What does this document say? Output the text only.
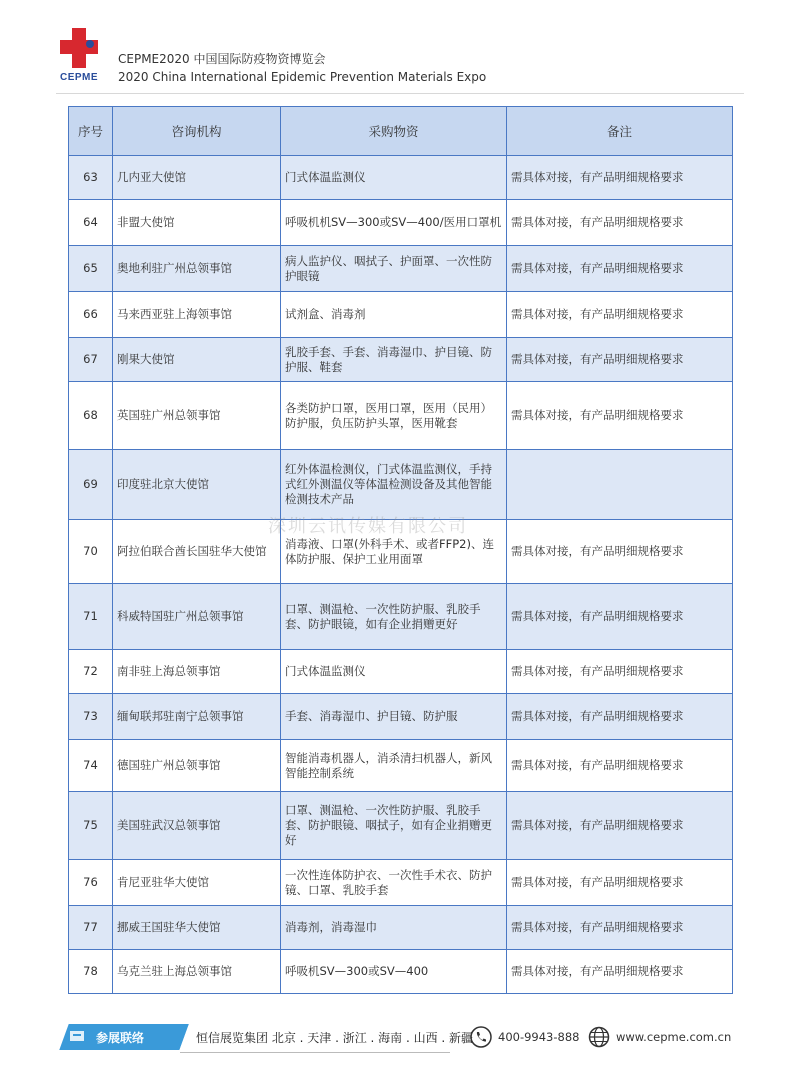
CEPME
CEPME2020 中国国际防疫物资博览会
2020 China International Epidemic Prevention Materials Expo
序号	咨询机构	采购物资	备注
63	几内亚大使馆	门式体温监测仪	需具体对接，有产品明细规格要求
64	非盟大使馆	呼吸机机SV—300或SV—400/医用口罩机	需具体对接，有产品明细规格要求
65	奥地利驻广州总领事馆	病人监护仪、咽拭子、护面罩、一次性防护眼镜	需具体对接，有产品明细规格要求
66	马来西亚驻上海领事馆	试剂盒、消毒剂	需具体对接，有产品明细规格要求
67	刚果大使馆	乳胶手套、手套、消毒湿巾、护目镜、防护服、鞋套	需具体对接，有产品明细规格要求
68	英国驻广州总领事馆	各类防护口罩，医用口罩，医用（民用）防护服，负压防护头罩，医用靴套	需具体对接，有产品明细规格要求
69	印度驻北京大使馆	红外体温检测仪，门式体温监测仪，手持式红外测温仪等体温检测设备及其他智能检测技术产品	
70	阿拉伯联合酋长国驻华大使馆	消毒液、口罩(外科手术、或者FFP2)、连体防护服、保护工业用面罩	需具体对接，有产品明细规格要求
71	科威特国驻广州总领事馆	口罩、测温枪、一次性防护服、乳胶手套、防护眼镜，如有企业捐赠更好	需具体对接，有产品明细规格要求
72	南非驻上海总领事馆	门式体温监测仪	需具体对接，有产品明细规格要求
73	缅甸联邦驻南宁总领事馆	手套、消毒湿巾、护目镜、防护服	需具体对接，有产品明细规格要求
74	德国驻广州总领事馆	智能消毒机器人，消杀清扫机器人，新风智能控制系统	需具体对接，有产品明细规格要求
75	美国驻武汉总领事馆	口罩、测温枪、一次性防护服、乳胶手套、防护眼镜、咽拭子，如有企业捐赠更好	需具体对接，有产品明细规格要求
76	肯尼亚驻华大使馆	一次性连体防护衣、一次性手术衣、防护镜、口罩、乳胶手套	需具体对接，有产品明细规格要求
77	挪威王国驻华大使馆	消毒剂，消毒湿巾	需具体对接，有产品明细规格要求
78	乌克兰驻上海总领事馆	呼吸机SV—300或SV—400	需具体对接，有产品明细规格要求
深圳云讯传媒有限公司
参展联络	恒信展览集团 北京 . 天津 . 浙江 . 海南 . 山西 . 新疆 400-9943-888	www.cepme.com.cn
